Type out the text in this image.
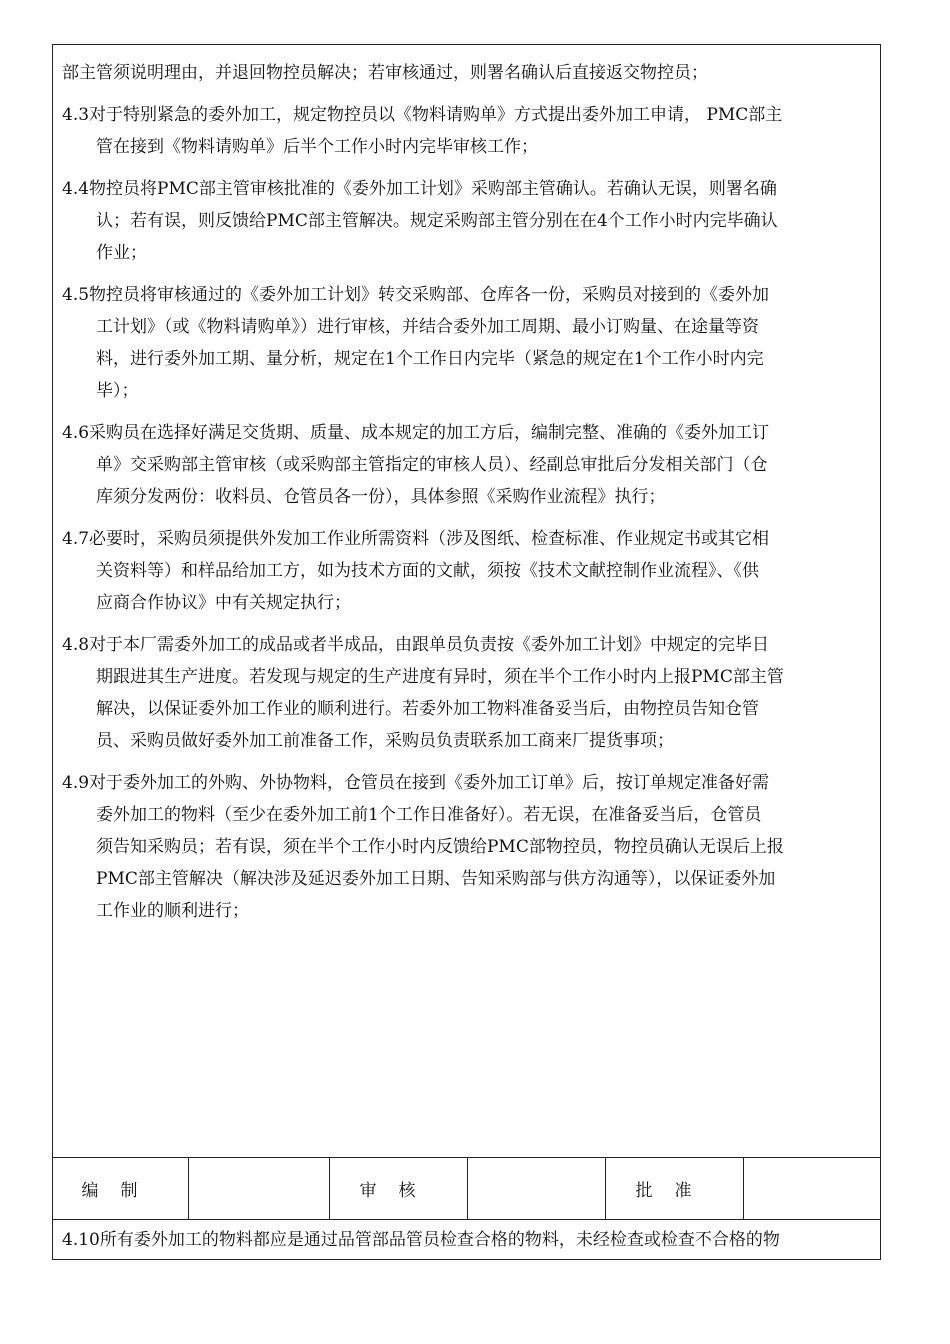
部主管须说明理由，并退回物控员解决；若审核通过，则署名确认后直接返交物控员；
4.3对于特别紧急的委外加工，规定物控员以《物料请购单》方式提出委外加工申请， PMC部主
管在接到《物料请购单》后半个工作小时内完毕审核工作；
4.4物控员将PMC部主管审核批准的《委外加工计划》采购部主管确认。若确认无误，则署名确
认；若有误，则反馈给PMC部主管解决。规定采购部主管分别在在4个工作小时内完毕确认
作业；
4.5物控员将审核通过的《委外加工计划》转交采购部、仓库各一份，采购员对接到的《委外加
工计划》（或《物料请购单》）进行审核，并结合委外加工周期、最小订购量、在途量等资
料，进行委外加工期、量分析，规定在1个工作日内完毕（紧急的规定在1个工作小时内完
毕）；
4.6采购员在选择好满足交货期、质量、成本规定的加工方后，编制完整、准确的《委外加工订
单》交采购部主管审核（或采购部主管指定的审核人员）、经副总审批后分发相关部门（仓
库须分发两份：收料员、仓管员各一份），具体参照《采购作业流程》执行；
4.7必要时，采购员须提供外发加工作业所需资料（涉及图纸、检查标准、作业规定书或其它相
关资料等）和样品给加工方，如为技术方面的文献，须按《技术文献控制作业流程》、《供
应商合作协议》中有关规定执行；
4.8对于本厂需委外加工的成品或者半成品，由跟单员负责按《委外加工计划》中规定的完毕日
期跟进其生产进度。若发现与规定的生产进度有异时，须在半个工作小时内上报PMC部主管
解决，以保证委外加工作业的顺利进行。若委外加工物料准备妥当后，由物控员告知仓管
员、采购员做好委外加工前准备工作，采购员负责联系加工商来厂提货事项；
4.9对于委外加工的外购、外协物料，仓管员在接到《委外加工订单》后，按订单规定准备好需
委外加工的物料（至少在委外加工前1个工作日准备好）。若无误，在准备妥当后，仓管员
须告知采购员；若有误，须在半个工作小时内反馈给PMC部物控员，物控员确认无误后上报
PMC部主管解决（解决涉及延迟委外加工日期、告知采购部与供方沟通等），以保证委外加
工作业的顺利进行；
编制	审核	批准
4.10所有委外加工的物料都应是通过品管部品管员检查合格的物料，未经检查或检查不合格的物
